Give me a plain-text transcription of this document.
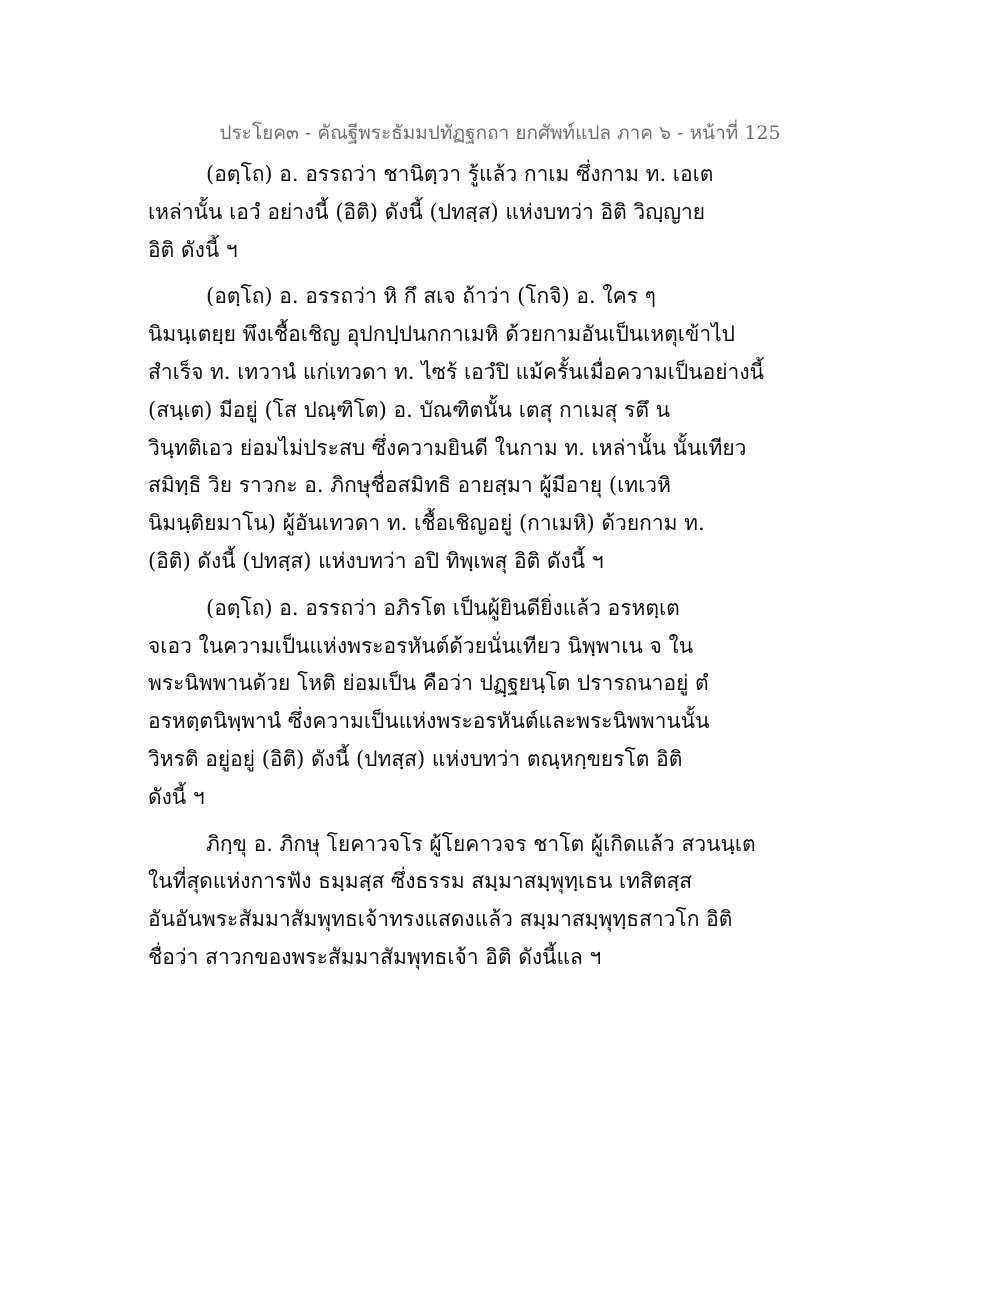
ประโยค๓ - คัณฐีพระธัมมปทัฏฐกถา ยกศัพท์แปล ภาค ๖ - หน้าที่ 125
(อตฺโถ) อ. อรรถว่า ชานิตฺวา รู้แล้ว กาเม ซึ่งกาม ท. เอเต
เหล่านั้น เอวํ อย่างนี้ (อิติ) ดังนี้ (ปทสฺส) แห่งบทว่า อิติ วิญฺญาย
อิติ ดังนี้ ฯ
(อตฺโถ) อ. อรรถว่า หิ กึ สเจ ถ้าว่า (โกจิ) อ. ใคร ๆ
นิมนฺเตยฺย พึงเชื้อเชิญ อุปกปฺปนกกาเมหิ ด้วยกามอันเป็นเหตุเข้าไป
สำเร็จ ท. เทวานํ แก่เทวดา ท. ไซร้ เอวํปิ แม้ครั้นเมื่อความเป็นอย่างนี้
(สนฺเต) มีอยู่ (โส ปณฺฑิโต) อ. บัณฑิตนั้น เตสุ กาเมสุ รตึ น
วินฺทติเอว ย่อมไม่ประสบ ซึ่งความยินดี ในกาม ท. เหล่านั้น นั้นเทียว
สมิทฺธิ วิย ราวกะ อ. ภิกษุชื่อสมิทธิ อายสฺมา ผู้มีอายุ (เทเวหิ
นิมนฺติยมาโน) ผู้อันเทวดา ท. เชื้อเชิญอยู่ (กาเมหิ) ด้วยกาม ท.
(อิติ) ดังนี้ (ปทสฺส) แห่งบทว่า อปิ ทิพฺเพสุ อิติ ดังนี้ ฯ
(อตฺโถ) อ. อรรถว่า อภิรโต เป็นผู้ยินดียิ่งแล้ว อรหตฺเต
จเอว ในความเป็นแห่งพระอรหันต์ด้วยนั่นเทียว นิพฺพาเน จ ใน
พระนิพพานด้วย โหติ ย่อมเป็น คือว่า ปฏฺฐยนฺโต ปรารถนาอยู่ ตํ
อรหตฺตนิพฺพานํ ซึ่งความเป็นแห่งพระอรหันต์และพระนิพพานนั้น
วิหรติ อยู่อยู่ (อิติ) ดังนี้ (ปทสฺส) แห่งบทว่า ตณฺหกฺขยรโต อิติ
ดังนี้ ฯ
ภิกฺขุ อ. ภิกษุ โยคาวจโร ผู้โยคาวจร ชาโต ผู้เกิดแล้ว สวนนฺเต
ในที่สุดแห่งการฟัง ธมฺมสฺส ซึ่งธรรม สมฺมาสมฺพุทฺเธน เทสิตสฺส
อันอันพระสัมมาสัมพุทธเจ้าทรงแสดงแล้ว สมฺมาสมฺพุทฺธสาวโก อิติ
ชื่อว่า สาวกของพระสัมมาสัมพุทธเจ้า อิติ ดังนี้แล ฯ
